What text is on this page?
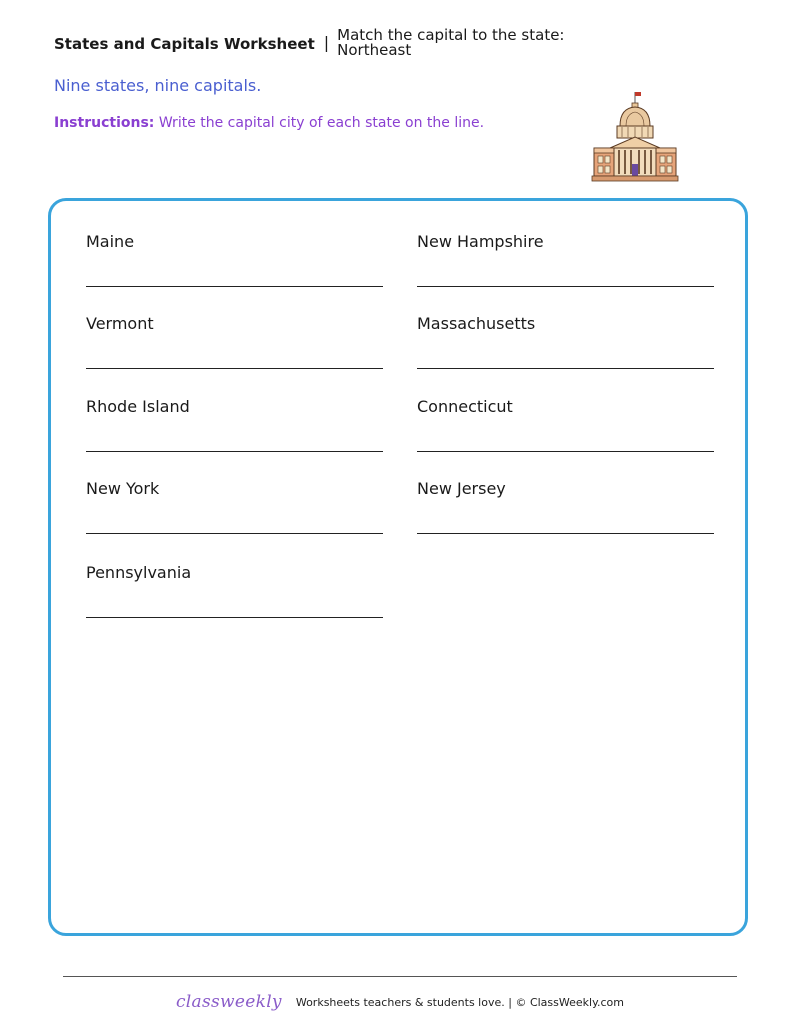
States and Capitals Worksheet | Match the capital to the state:
Northeast
Nine states, nine capitals.
Instructions: Write the capital city of each state on the line.
Maine	New Hampshire
Vermont	Massachusetts
Rhode Island	Connecticut
New York	New Jersey
Pennsylvania
classweekly Worksheets teachers & students love. | © ClassWeekly.com
